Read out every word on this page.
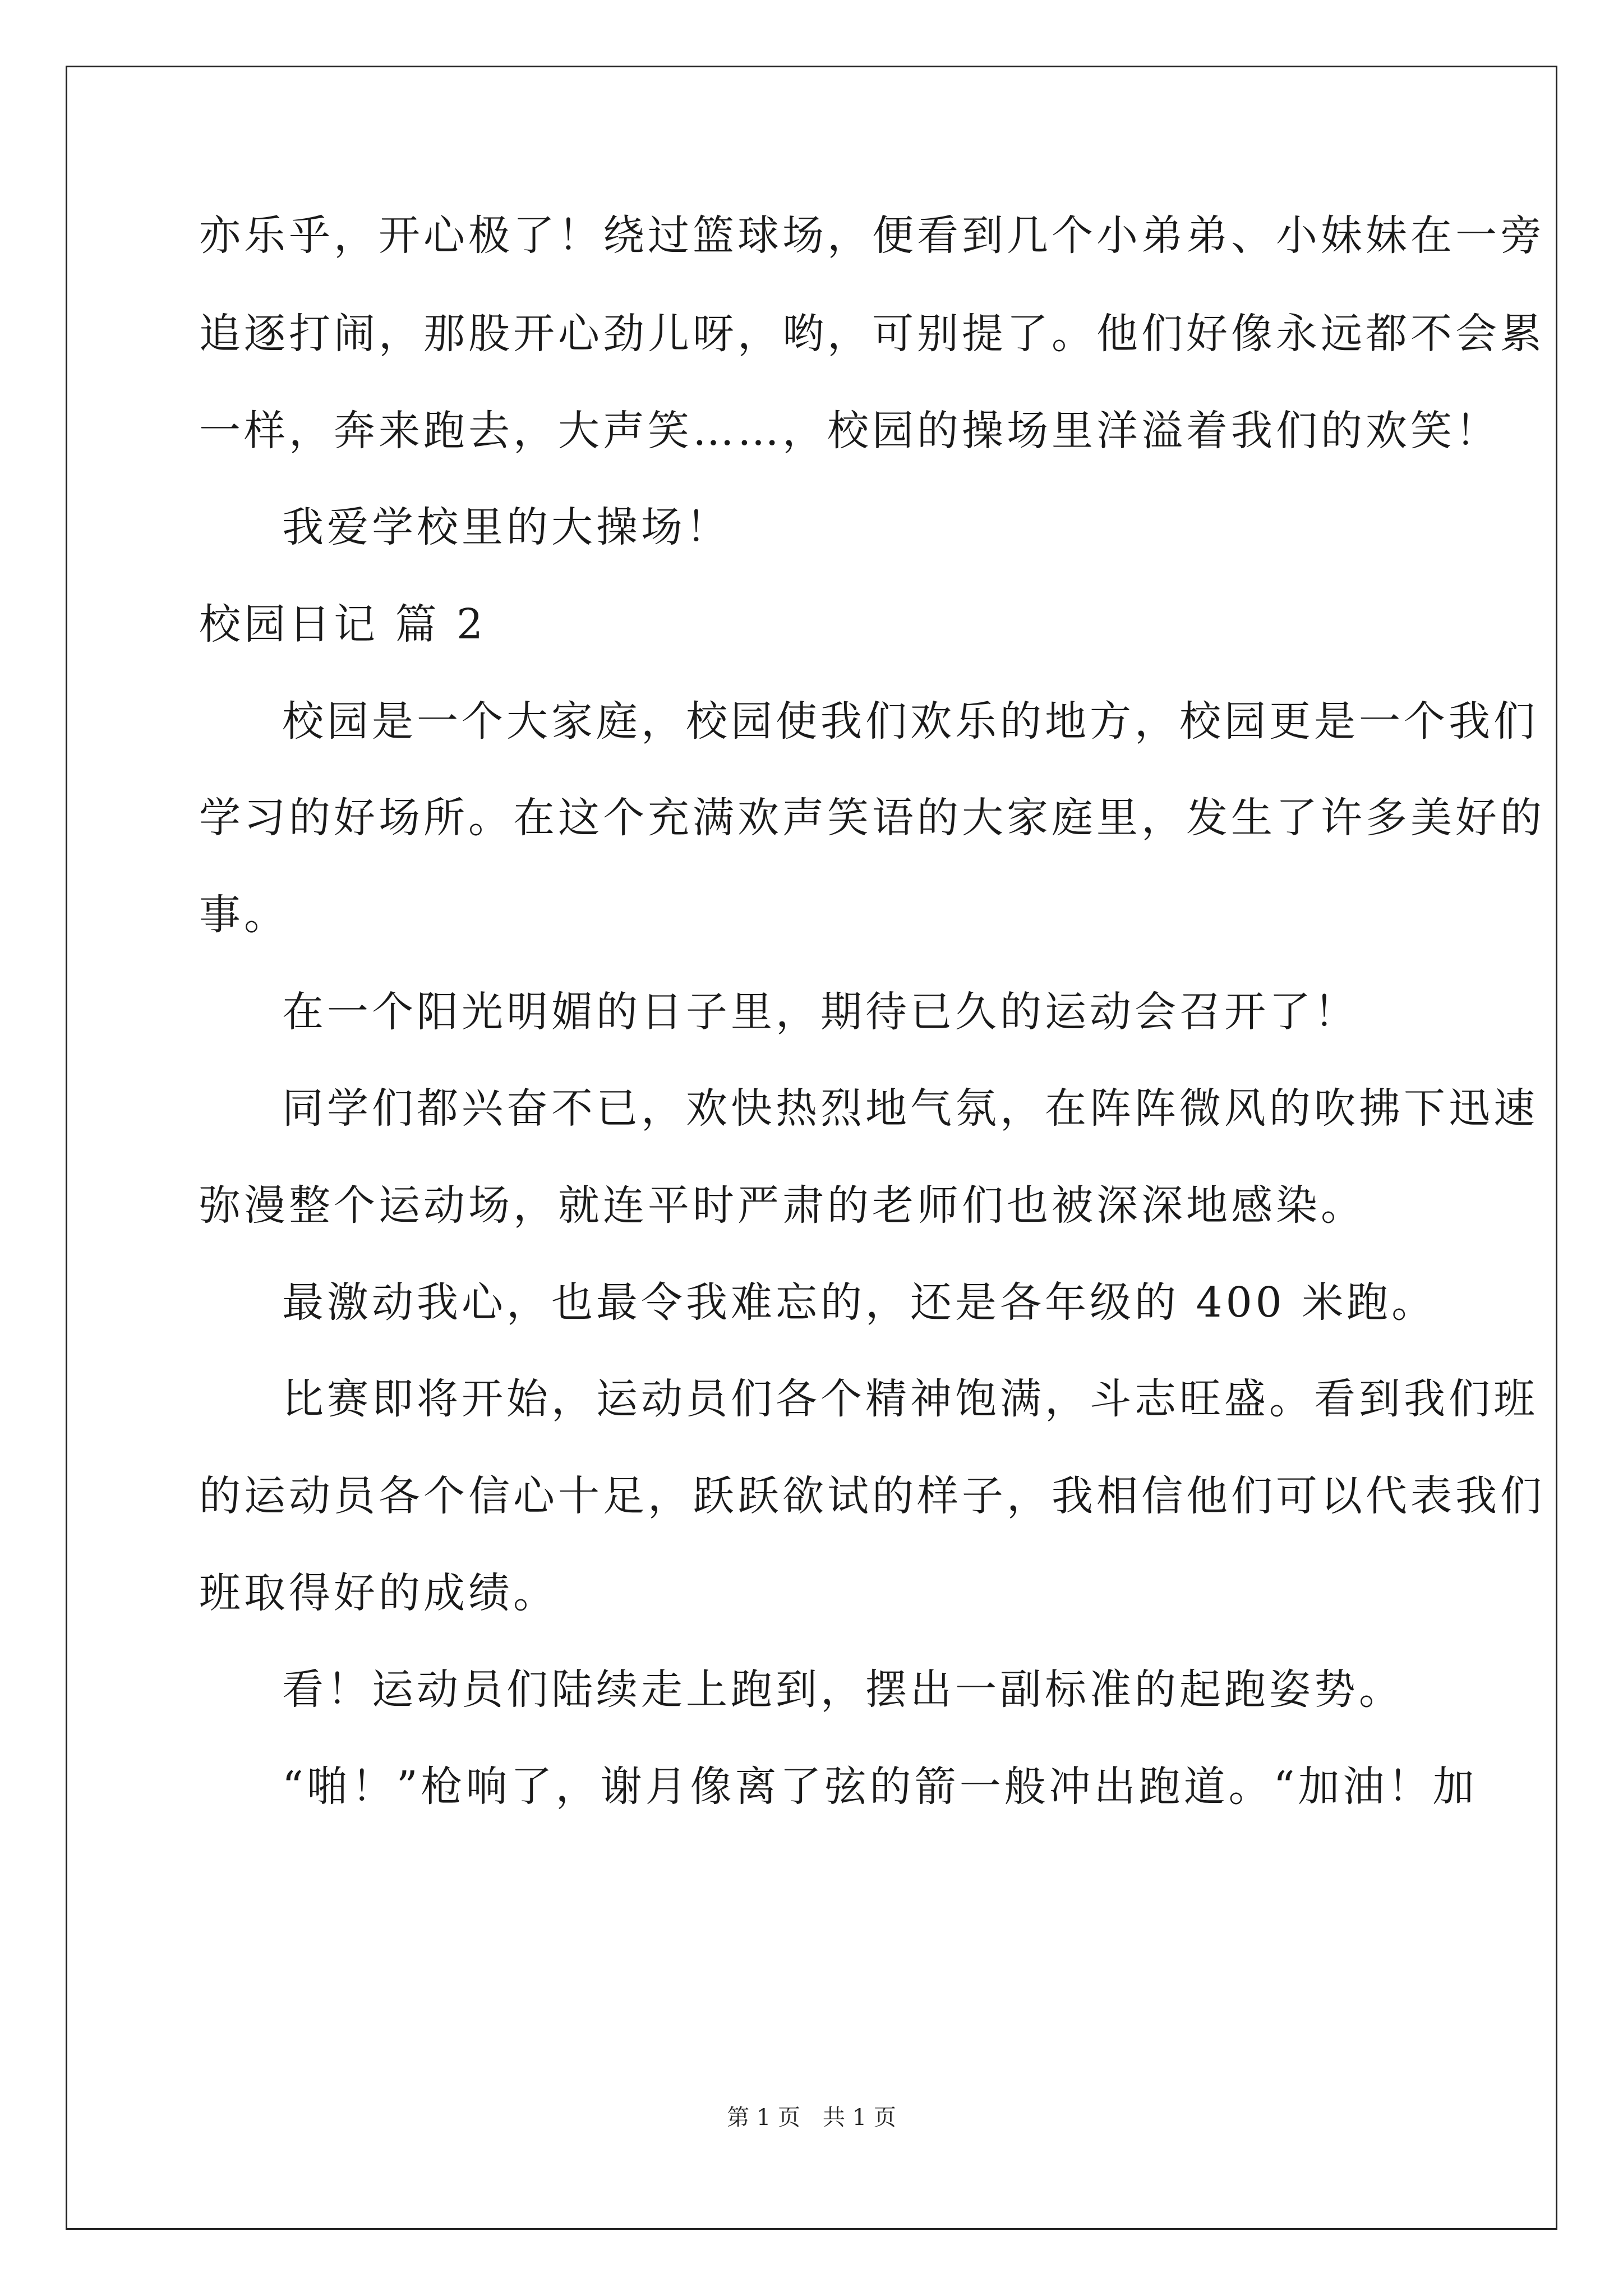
亦乐乎，开心极了！绕过篮球场，便看到几个小弟弟、小妹妹在一旁
追逐打闹，那股开心劲儿呀，哟，可别提了。他们好像永远都不会累
一样，奔来跑去，大声笑……，校园的操场里洋溢着我们的欢笑！
我爱学校里的大操场！
校园日记 篇 2
校园是一个大家庭，校园使我们欢乐的地方，校园更是一个我们
学习的好场所。在这个充满欢声笑语的大家庭里，发生了许多美好的
事。
在一个阳光明媚的日子里，期待已久的运动会召开了！
同学们都兴奋不已，欢快热烈地气氛，在阵阵微风的吹拂下迅速
弥漫整个运动场，就连平时严肃的老师们也被深深地感染。
最激动我心，也最令我难忘的，还是各年级的 400 米跑。
比赛即将开始，运动员们各个精神饱满，斗志旺盛。看到我们班
的运动员各个信心十足，跃跃欲试的样子，我相信他们可以代表我们
班取得好的成绩。
看！运动员们陆续走上跑到，摆出一副标准的起跑姿势。
“啪！”枪响了，谢月像离了弦的箭一般冲出跑道。“加油！加
第 1 页　共 1 页
